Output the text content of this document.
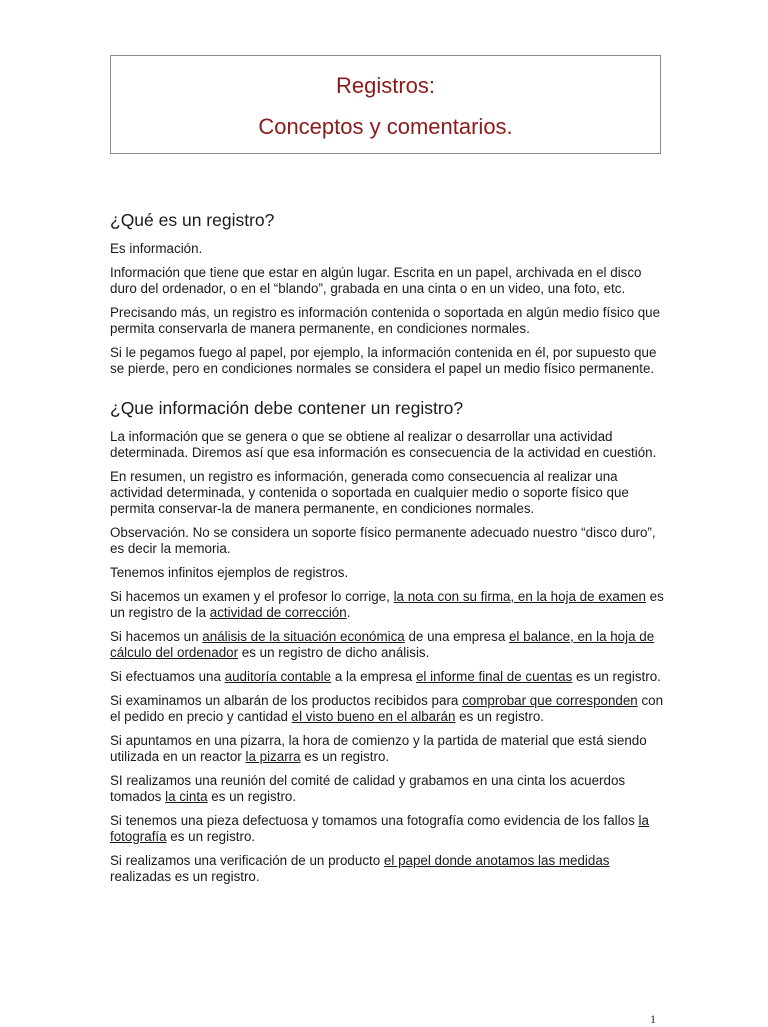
Registros:
Conceptos y comentarios.
¿Qué es un registro?

Es información.

Información que tiene que estar en algún lugar. Escrita en un papel, archivada en el disco duro del ordenador, o en el “blando”, grabada en una cinta o en un video, una foto, etc.

Precisando más, un registro es información contenida o soportada en algún medio físico que permita conservarla de manera permanente, en condiciones normales.

Si le pegamos fuego al papel, por ejemplo, la información contenida en él, por supuesto que se pierde, pero en condiciones normales se considera el papel un medio físico permanente.

¿Que información debe contener un registro?

La información que se genera o que se obtiene al realizar o desarrollar una actividad determinada. Diremos así que esa información es consecuencia de la actividad en cuestión.

En resumen, un registro es información, generada como consecuencia al realizar una actividad determinada, y contenida o soportada en cualquier medio o soporte físico que permita conservar-la de manera permanente, en condiciones normales.

Observación. No se considera un soporte físico permanente adecuado nuestro “disco duro”, es decir la memoria.

Tenemos infinitos ejemplos de registros.

Si hacemos un examen y el profesor lo corrige, la nota con su firma, en la hoja de examen es un registro de la actividad de corrección.

Si hacemos un análisis de la situación económica de una empresa el balance, en la hoja de cálculo del ordenador es un registro de dicho análisis.

Si efectuamos una auditoría contable a la empresa el informe final de cuentas es un registro.

Si examinamos un albarán de los productos recibidos para comprobar que corresponden con el pedido en precio y cantidad el visto bueno en el albarán es un registro.

Si apuntamos en una pizarra, la hora de comienzo y la partida de material que está siendo utilizada en un reactor la pizarra es un registro.

SI realizamos una reunión del comité de calidad y grabamos en una cinta los acuerdos tomados la cinta es un registro.

Si tenemos una pieza defectuosa y tomamos una fotografía como evidencia de los fallos la fotografía es un registro.

Si realizamos una verificación de un producto el papel donde anotamos las medidas realizadas es un registro.

1
